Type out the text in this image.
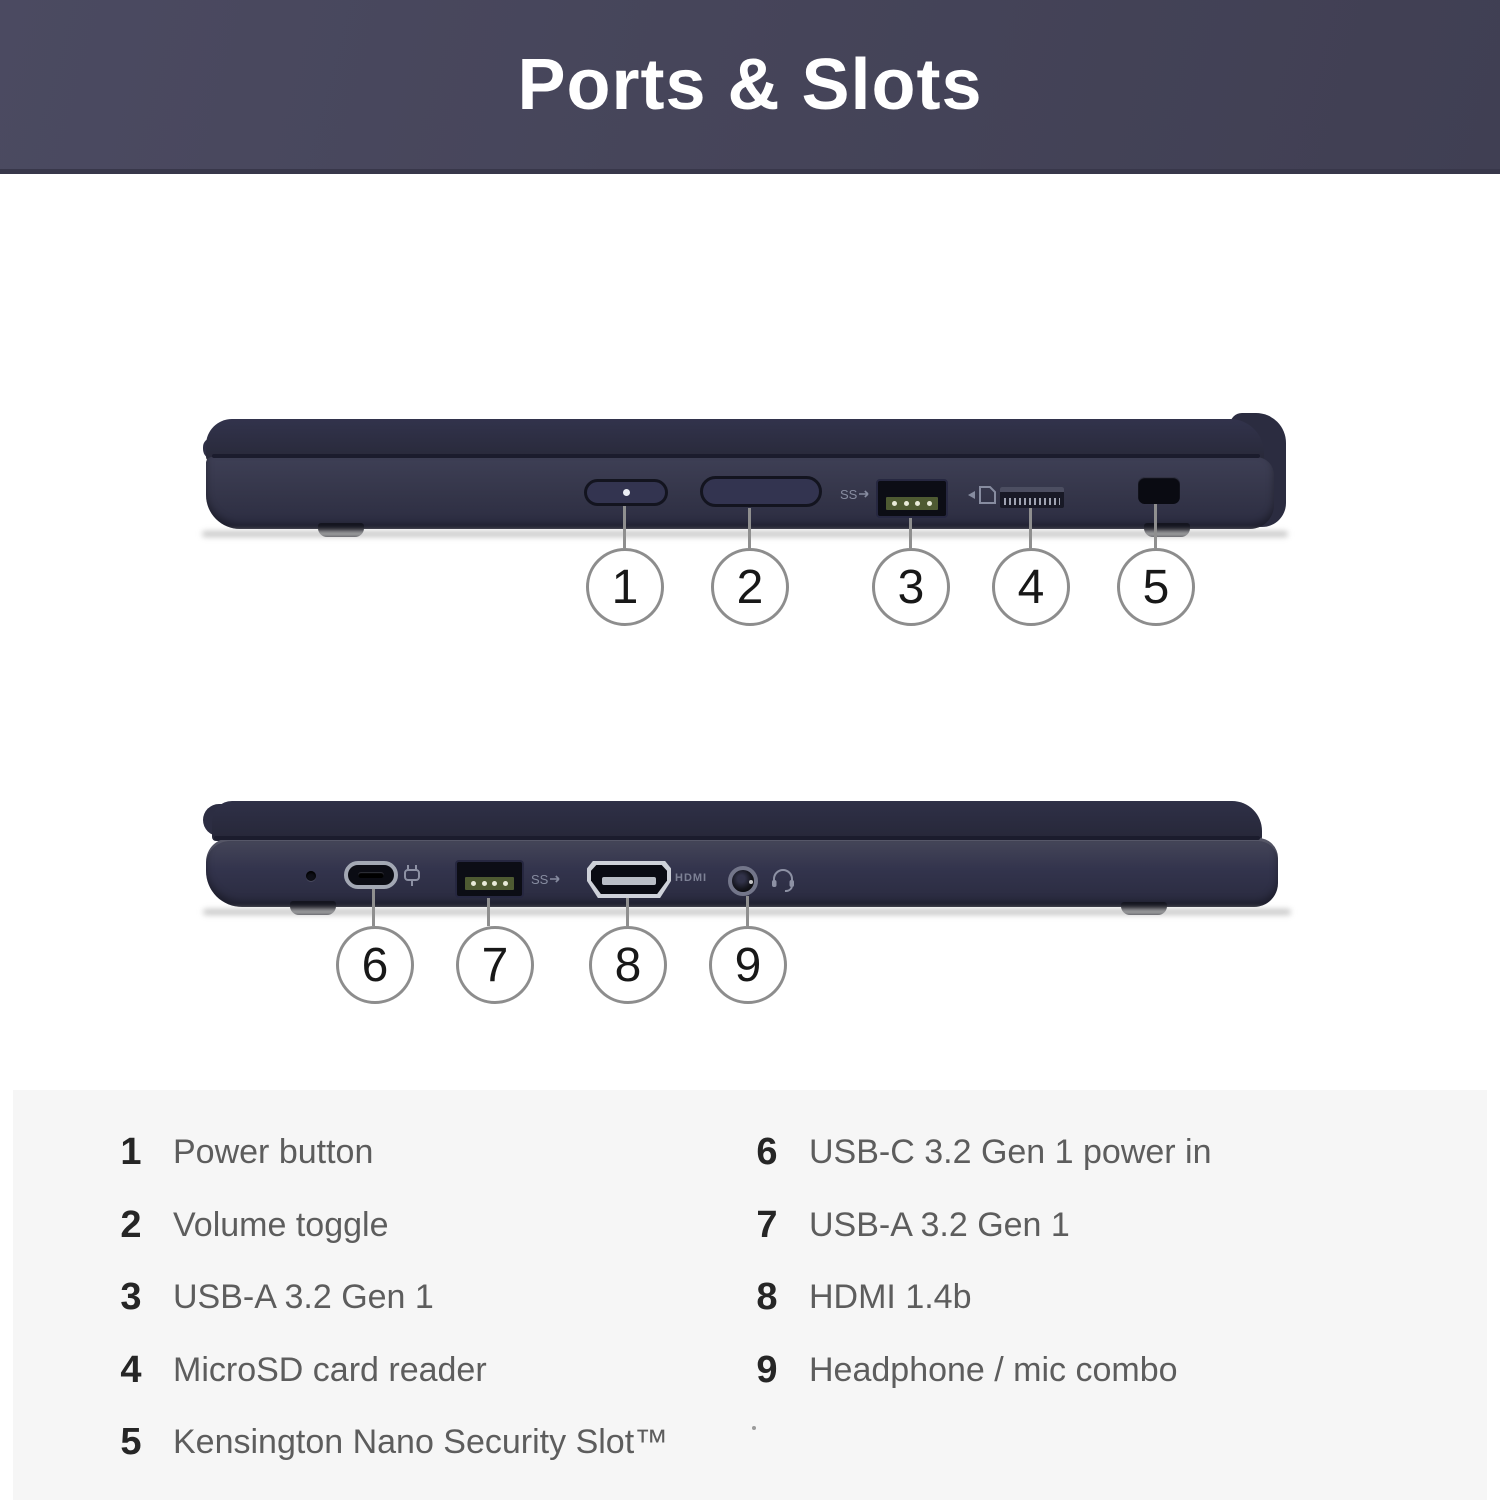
Ports & Slots
SS
1 2	3 4 5
SS	HDMI
6 7 8 9
1 Power button
2 Volume toggle
3 USB-A 3.2 Gen 1
4 MicroSD card reader
5 Kensington Nano Security Slot™
6 USB-C 3.2 Gen 1 power in
7 USB-A 3.2 Gen 1
8 HDMI 1.4b
9 Headphone / mic combo
